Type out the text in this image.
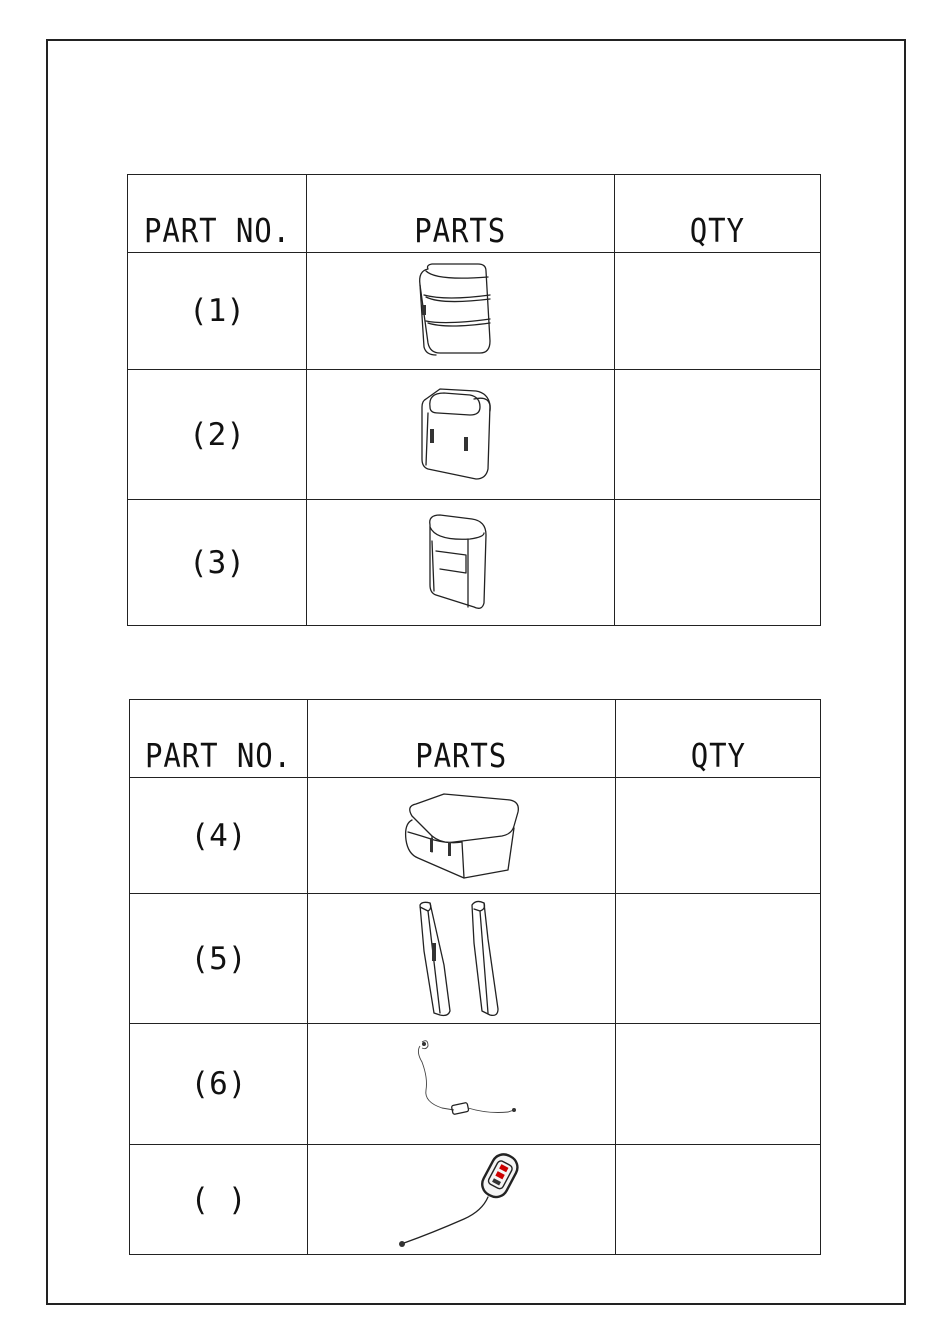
PART NO.	PARTS	QTY
(1)	

(2)	

(3)	

PART NO.	PARTS	QTY
(4)	

(5)	

(6)	

( )	
